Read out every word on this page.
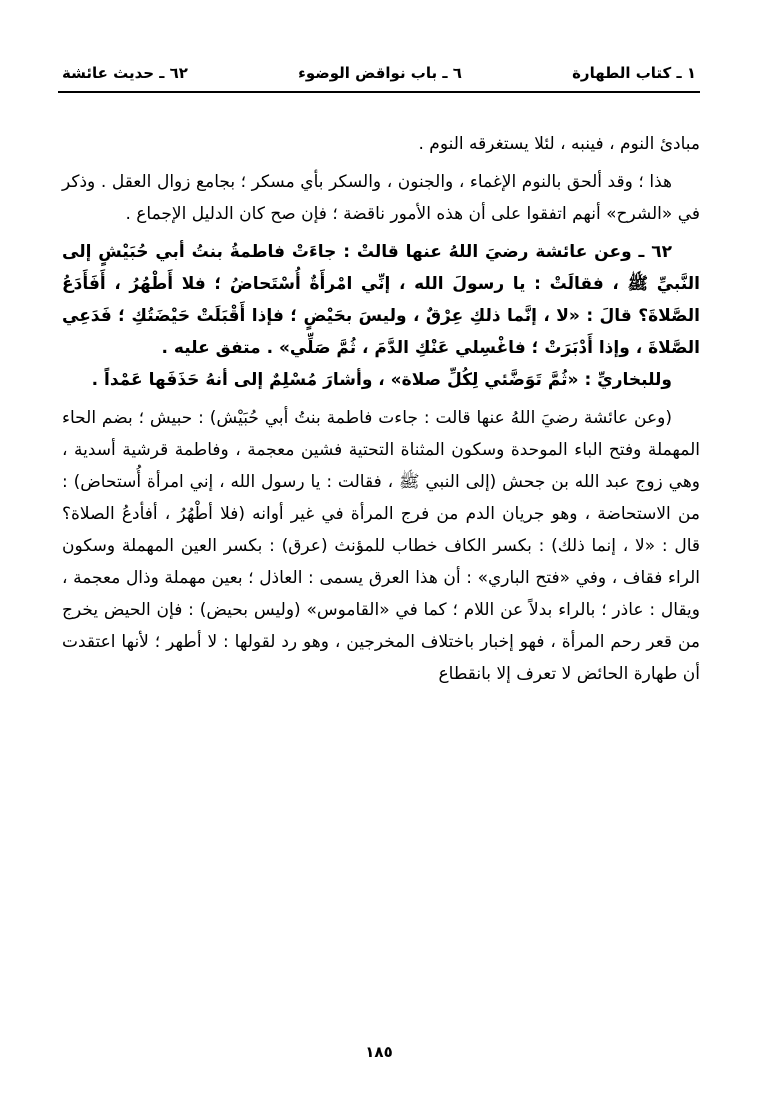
١ ـ كتاب الطهارة
٦ ـ باب نواقض الوضوء
٦٢ ـ حديث عائشة

مبادئ النوم ، فينبه ، لئلا يستغرقه النوم .

هذا ؛ وقد ألحق بالنوم الإغماء ، والجنون ، والسكر بأي مسكر ؛ بجامع زوال العقل . وذكر في «الشرح» أنهم اتفقوا على أن هذه الأمور ناقضة ؛ فإن صح كان الدليل الإجماع .

٦٢ ـ وعن عائشة رضيَ اللهُ عنها قالتْ : جاءَتْ فاطمةُ بنتُ أبي حُبَيْشٍ إلى النَّبيِّ ﷺ ، فقالَتْ : يا رسولَ الله ، إنِّي امْرأَةٌ أُسْتَحاضُ ؛ فلا أَطْهُرُ ، أَفَأَدَعُ الصَّلاةَ؟ قالَ : «لا ، إنَّما ذلكِ عِرْقٌ ، وليسَ بحَيْضٍ ؛ فإذا أَقْبَلَتْ حَيْضَتُكِ ؛ فَدَعِي الصَّلاةَ ، وإذا أَدْبَرَتْ ؛ فاغْسِلي عَنْكِ الدَّمَ ، ثُمَّ صَلِّي» . متفق عليه .

وللبخاريِّ : «ثُمَّ تَوَضَّئي لِكُلِّ صلاة» ، وأشارَ مُسْلِمٌ إلى أنهُ حَذَفَها عَمْداً .

(وعن عائشة رضيَ اللهُ عنها قالت : جاءت فاطمة بنتُ أبي حُبَيْش) : حبيش ؛ بضم الحاء المهملة وفتح الباء الموحدة وسكون المثناة التحتية فشين معجمة ، وفاطمة قرشية أسدية ، وهي زوج عبد الله بن جحش (إلى النبي ﷺ ، فقالت : يا رسول الله ، إني امرأة أُستحاض) : من الاستحاضة ، وهو جريان الدم من فرج المرأة في غير أوانه (فلا أطْهُرُ ، أفأدعُ الصلاة؟ قال : «لا ، إنما ذلك) : بكسر الكاف خطاب للمؤنث (عرق) : بكسر العين المهملة وسكون الراء فقاف ، وفي «فتح الباري» : أن هذا العرق يسمى : العاذل ؛ بعين مهملة وذال معجمة ، ويقال : عاذر ؛ بالراء بدلاً عن اللام ؛ كما في «القاموس» (وليس بحيض) : فإن الحيض يخرج من قعر رحم المرأة ، فهو إخبار باختلاف المخرجين ، وهو رد لقولها : لا أطهر ؛ لأنها اعتقدت أن طهارة الحائض لا تعرف إلا بانقطاع

١٨٥
